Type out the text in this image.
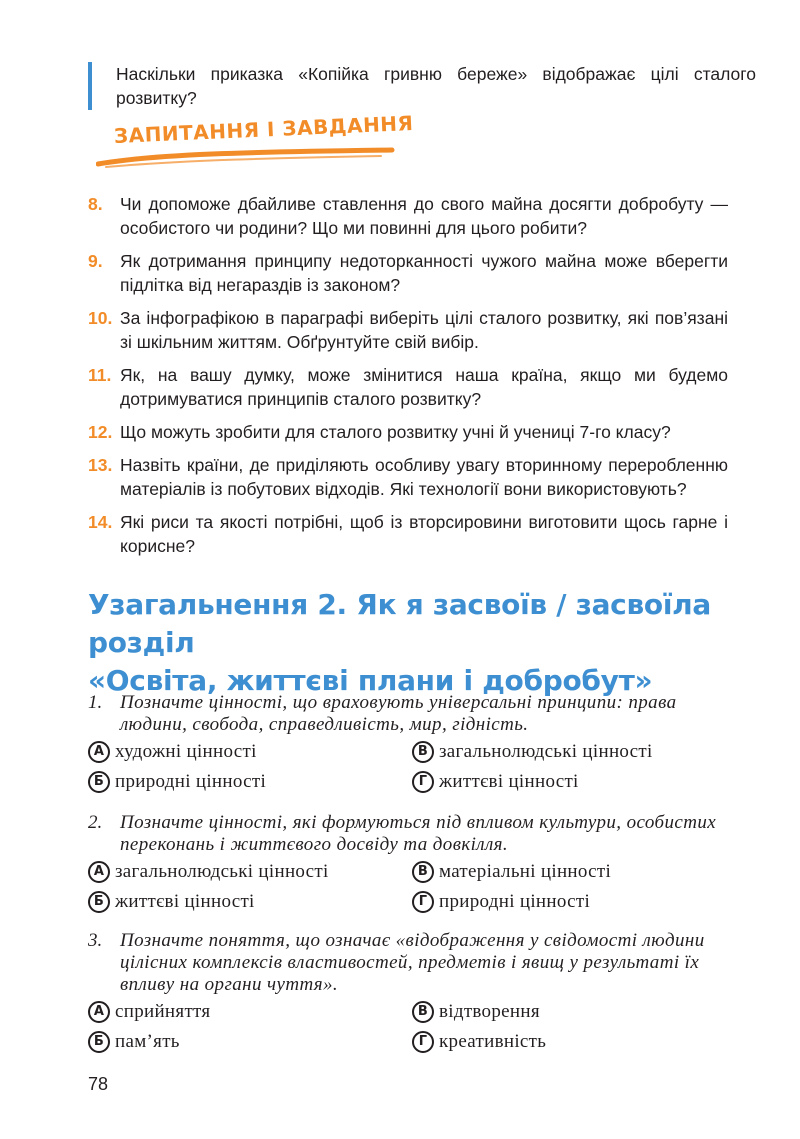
Наскільки приказка «Копійка гривню береже» відображає цілі сталого розвитку?
ЗАПИТАННЯ І ЗАВДАННЯ
8. Чи допоможе дбайливе ставлення до свого майна досягти добробуту — особистого чи родини? Що ми повинні для цього робити?
9. Як дотримання принципу недоторканності чужого майна може вберегти підлітка від негараздів із законом?
10. За інфографікою в параграфі виберіть цілі сталого розвитку, які пов’язані зі шкільним життям. Обґрунтуйте свій вибір.
11. Як, на вашу думку, може змінитися наша країна, якщо ми будемо дотримуватися принципів сталого розвитку?
12. Що можуть зробити для сталого розвитку учні й учениці 7-го класу?
13. Назвіть країни, де приділяють особливу увагу вторинному переробленню матеріалів із побутових відходів. Які технології вони використовують?
14. Які риси та якості потрібні, щоб із вторсировини виготовити щось гарне і корисне?
Узагальнення 2. Як я засвоїв / засвоїла розділ
«Освіта, життєві плани і добробут»
1. Позначте цінності, що враховують універсальні принципи: права людини, свобода, справедливість, мир, гідність.
А художні цінності	В загальнолюдські цінності
Б природні цінності	Г життєві цінності
2. Позначте цінності, які формуються під впливом культури, особистих переконань і життєвого досвіду та довкілля.
А загальнолюдські цінності	В матеріальні цінності
Б життєві цінності	Г природні цінності
3. Позначте поняття, що означає «відображення у свідомості людини цілісних комплексів властивостей, предметів і явищ у результаті їх впливу на органи чуття».
А сприйняття	В відтворення
Б пам’ять	Г креативність
78
